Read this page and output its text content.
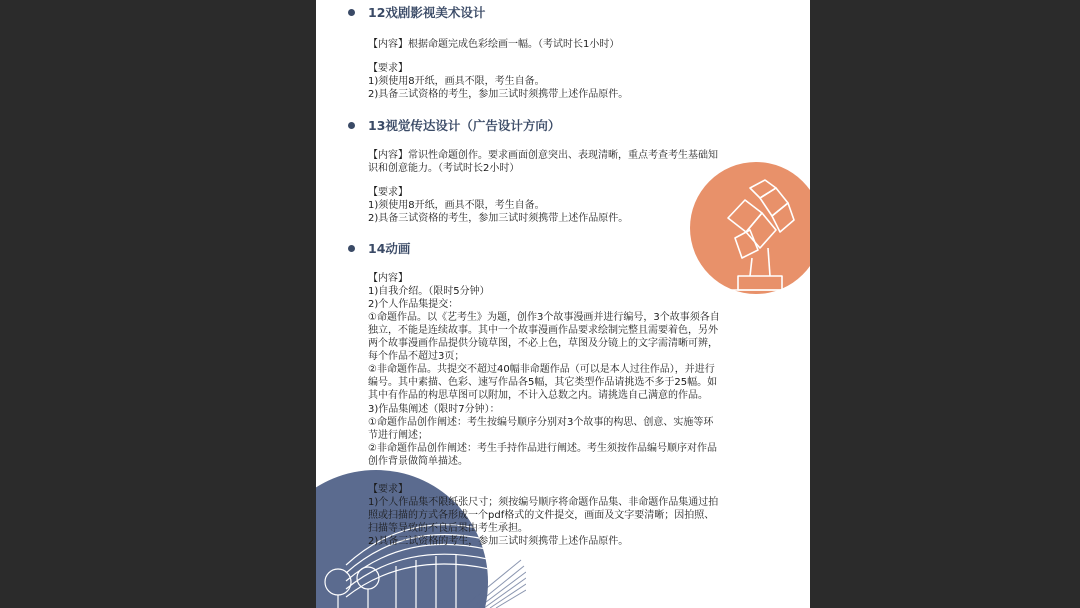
12戏剧影视美术设计
【内容】根据命题完成色彩绘画一幅。（考试时长1小时）
【要求】
1)须使用8开纸，画具不限，考生自备。
2)具备三试资格的考生，参加三试时须携带上述作品原件。
13视觉传达设计（广告设计方向）
【内容】常识性命题创作。要求画面创意突出、表现清晰，重点考查考生基础知
识和创意能力。（考试时长2小时）
【要求】
1)须使用8开纸，画具不限，考生自备。
2)具备三试资格的考生，参加三试时须携带上述作品原件。
14动画
【内容】
1)自我介绍。（限时5分钟）
2)个人作品集提交：
①命题作品。以《艺考生》为题，创作3个故事漫画并进行编号，3个故事须各自
独立，不能是连续故事。其中一个故事漫画作品要求绘制完整且需要着色，另外
两个故事漫画作品提供分镜草图，不必上色，草图及分镜上的文字需清晰可辨，
每个作品不超过3页；
②非命题作品。共提交不超过40幅非命题作品（可以是本人过往作品），并进行
编号。其中素描、色彩、速写作品各5幅，其它类型作品请挑选不多于25幅。如
其中有作品的构思草图可以附加，不计入总数之内。请挑选自己满意的作品。
3)作品集阐述（限时7分钟）：
①命题作品创作阐述：考生按编号顺序分别对3个故事的构思、创意、实施等环
节进行阐述；
②非命题作品创作阐述：考生手持作品进行阐述。考生须按作品编号顺序对作品
创作背景做简单描述。
【要求】
1)个人作品集不限纸张尺寸；须按编号顺序将命题作品集、非命题作品集通过拍
照或扫描的方式各形成一个pdf格式的文件提交，画面及文字要清晰；因拍照、
扫描等导致的不良后果由考生承担。
2)具备三试资格的考生，参加三试时须携带上述作品原件。
